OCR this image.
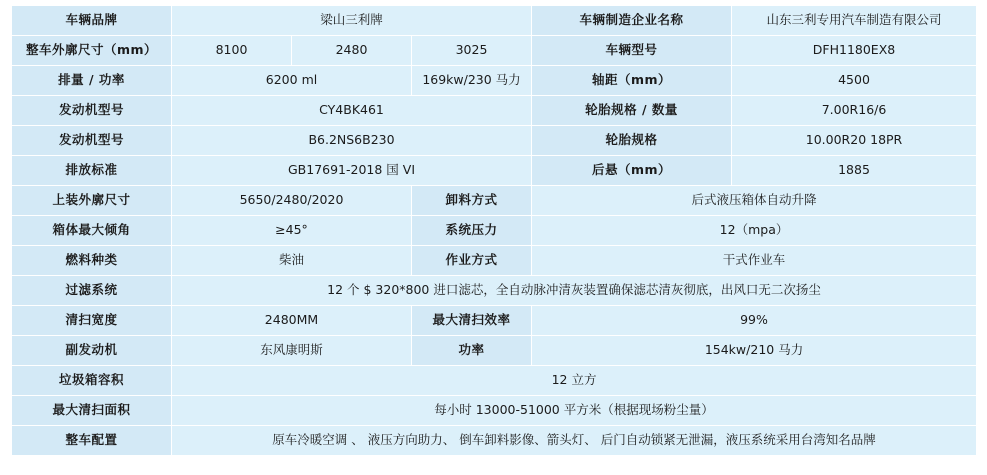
车辆品牌	梁山三利牌			车辆制造企业名称	山东三利专用汽车制造有限公司
整车外廓尺寸（mm）	8100	2480	3025	车辆型号	DFH1180EX8
排量 / 功率	6200 ml		169kw/230 马力	轴距（mm）	4500
发动机型号	CY4BK461			轮胎规格 / 数量	7.00R16/6
发动机型号	B6.2NS6B230			轮胎规格	10.00R20 18PR
排放标准	GB17691-2018 国 VI			后悬（mm）	1885
上装外廓尺寸	5650/2480/2020		卸料方式	后式液压箱体自动升降	
箱体最大倾角	≥45°		系统压力	12（mpa）	
燃料种类	柴油		作业方式	干式作业车	
过滤系统	12 个 $ 320*800 进口滤芯，全自动脉冲清灰装置确保滤芯清灰彻底，出风口无二次扬尘				
清扫宽度	2480MM		最大清扫效率	99%	
副发动机	东风康明斯		功率	154kw/210 马力	
垃圾箱容积	12 立方				
最大清扫面积	每小时 13000-51000 平方米（根据现场粉尘量）				
整车配置	原车冷暖空调 、 液压方向助力、 倒车卸料影像、箭头灯、 后门自动锁紧无泄漏，液压系统采用台湾知名品牌				
